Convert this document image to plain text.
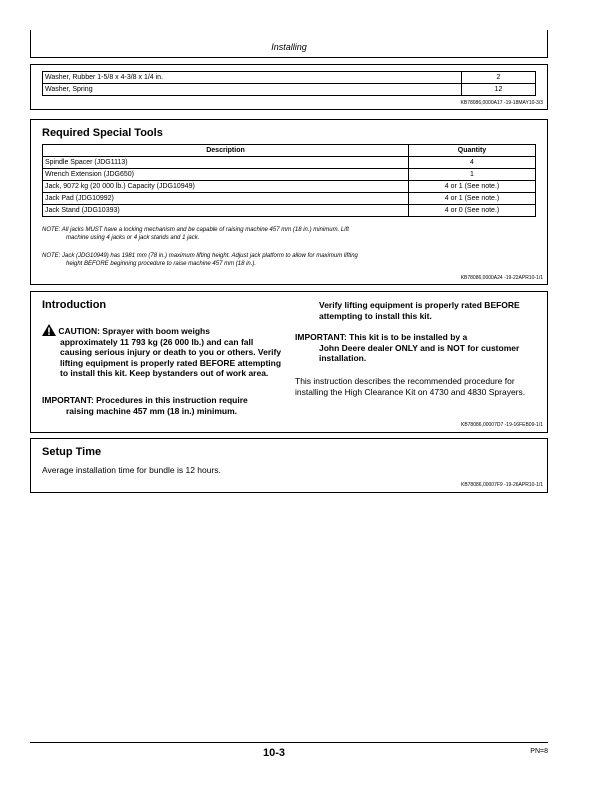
Installing
Washer, Rubber 1-5/8 x 4-3/8 x 1/4 in.	2
Washer, Spring	12
KB78086,0000A17 -19-18MAY10-3/3
Required Special Tools
Description	Quantity
Spindle Spacer (JDG1113)	4
Wrench Extension (JDG650)	1
Jack, 9072 kg (20 000 lb.) Capacity (JDG10949)	4 or 1 (See note.)
Jack Pad (JDG10992)	4 or 1 (See note.)
Jack Stand (JDG10393)	4 or 0 (See note.)
NOTE: All jacks MUST have a locking mechanism and be capable of raising machine 457 mm (18 in.) minimum. Lift
machine using 4 jacks or 4 jack stands and 1 jack.
NOTE: Jack (JDG10949) has 1981 mm (78 in.) maximum lifting height. Adjust jack platform to allow for maximum lifting
height BEFORE beginning procedure to raise machine 457 mm (18 in.).
KB78086,0000A24 -19-22APR10-1/1
Introduction
CAUTION: Sprayer with boom weighs
approximately 11 793 kg (26 000 lb.) and can fall causing serious injury or death to you or others. Verify lifting equipment is properly rated BEFORE attempting to install this kit. Keep bystanders out of work area.
IMPORTANT: Procedures in this instruction require
raising machine 457 mm (18 in.) minimum.
Verify lifting equipment is properly rated BEFORE attempting to install this kit.
IMPORTANT: This kit is to be installed by a
John Deere dealer ONLY and is NOT for customer installation.
This instruction describes the recommended procedure for installing the High Clearance Kit on 4730 and 4830 Sprayers.
KB78086,00007D7 -19-16FEB09-1/1
Setup Time
Average installation time for bundle is 12 hours.
KB78086,00007F9 -19-26APR10-1/1
10-3	PN=8
